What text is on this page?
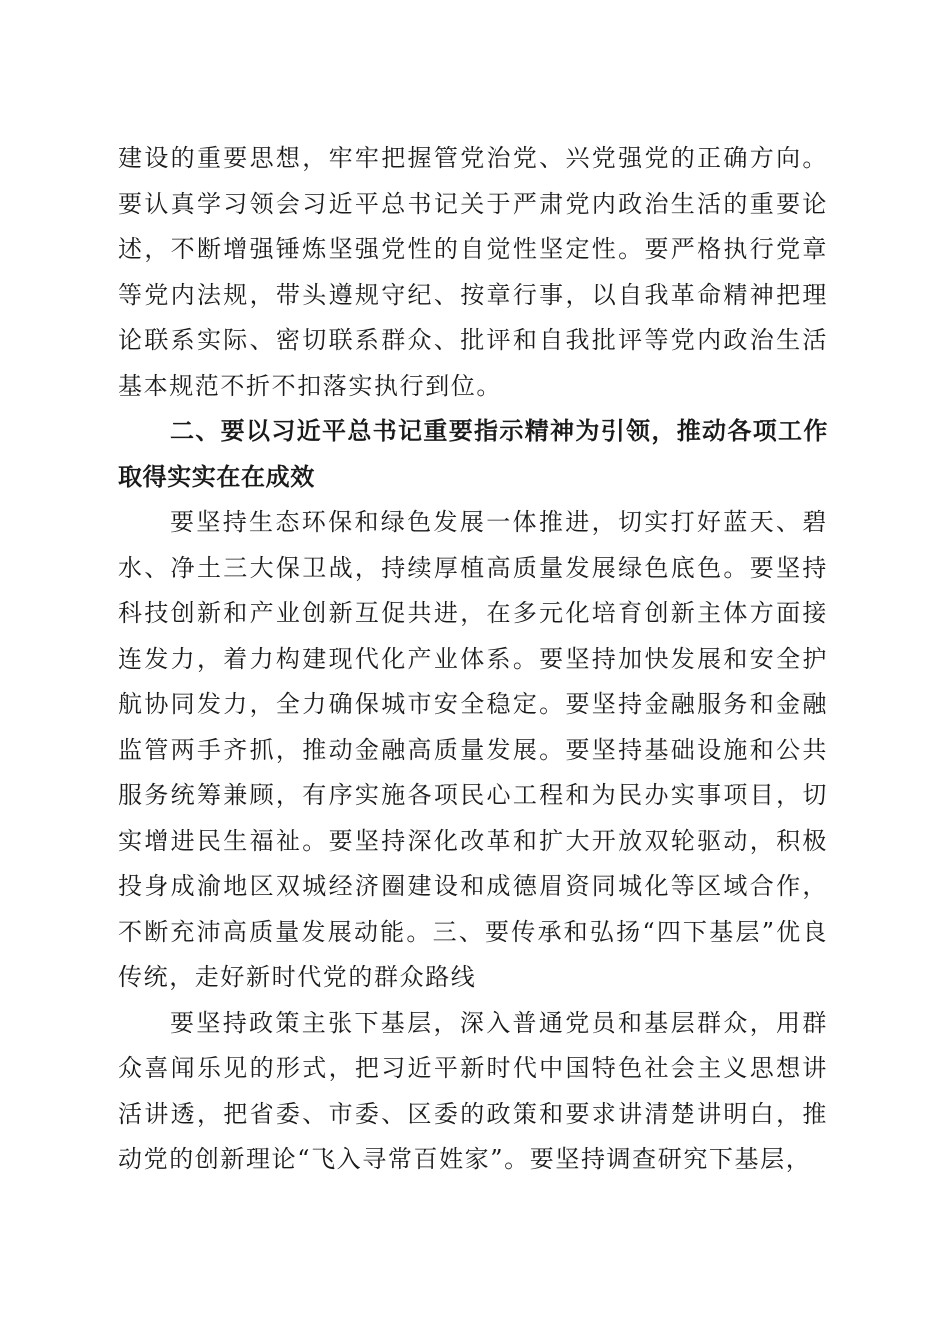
建设的重要思想，牢牢把握管党治党、兴党强党的正确方向。要认真学习领会习近平总书记关于严肃党内政治生活的重要论述，不断增强锤炼坚强党性的自觉性坚定性。要严格执行党章等党内法规，带头遵规守纪、按章行事，以自我革命精神把理论联系实际、密切联系群众、批评和自我批评等党内政治生活基本规范不折不扣落实执行到位。

二、要以习近平总书记重要指示精神为引领，推动各项工作取得实实在在成效

要坚持生态环保和绿色发展一体推进，切实打好蓝天、碧水、净土三大保卫战，持续厚植高质量发展绿色底色。要坚持科技创新和产业创新互促共进，在多元化培育创新主体方面接连发力，着力构建现代化产业体系。要坚持加快发展和安全护航协同发力，全力确保城市安全稳定。要坚持金融服务和金融监管两手齐抓，推动金融高质量发展。要坚持基础设施和公共服务统筹兼顾，有序实施各项民心工程和为民办实事项目，切实增进民生福祉。要坚持深化改革和扩大开放双轮驱动，积极投身成渝地区双城经济圈建设和成德眉资同城化等区域合作，不断充沛高质量发展动能。三、要传承和弘扬“四下基层”优良传统，走好新时代党的群众路线

要坚持政策主张下基层，深入普通党员和基层群众，用群众喜闻乐见的形式，把习近平新时代中国特色社会主义思想讲活讲透，把省委、市委、区委的政策和要求讲清楚讲明白，推动党的创新理论“飞入寻常百姓家”。要坚持调查研究下基层，
